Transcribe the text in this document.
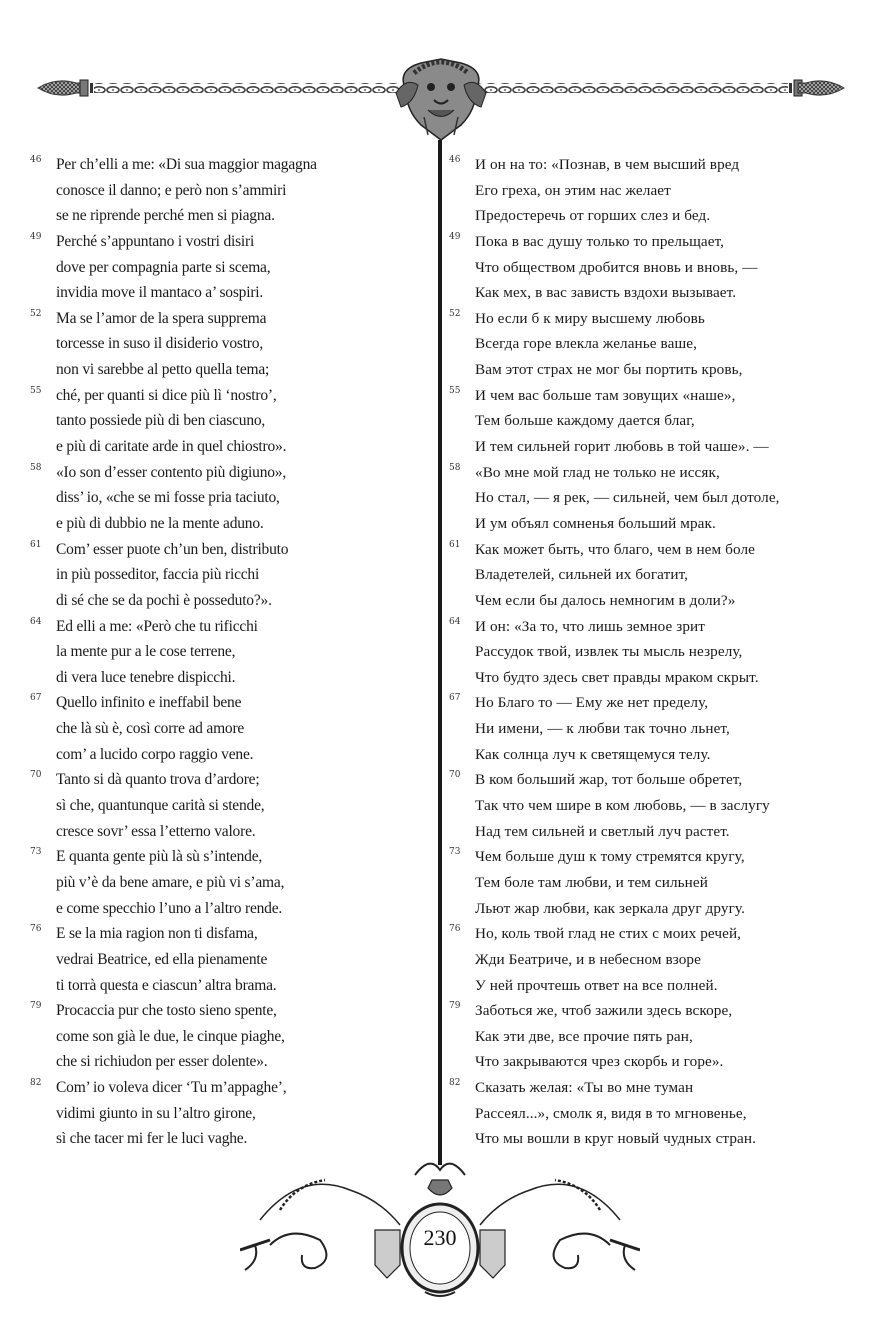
46 Per ch’elli a me: «Di sua maggior magagna
conosce il danno; e però non s’ammiri
se ne riprende perché men si piagna.
49 Perché s’appuntano i vostri disiri
dove per compagnia parte si scema,
invidia move il mantaco a’ sospiri.
52 Ma se l’amor de la spera supprema
torcesse in suso il disiderio vostro,
non vi sarebbe al petto quella tema;
55 ché, per quanti si dice più lì ‘nostro’,
tanto possiede più di ben ciascuno,
e più di caritate arde in quel chiostro».
58 «Io son d’esser contento più digiuno»,
diss’ io, «che se mi fosse pria taciuto,
e più di dubbio ne la mente aduno.
61 Com’ esser puote ch’un ben, distributo
in più posseditor, faccia più ricchi
di sé che se da pochi è posseduto?».
64 Ed elli a me: «Però che tu rificchi
la mente pur a le cose terrene,
di vera luce tenebre dispicchi.
67 Quello infinito e ineffabil bene
che là sù è, così corre ad amore
com’ a lucido corpo raggio vene.
70 Tanto si dà quanto trova d’ardore;
sì che, quantunque carità si stende,
cresce sovr’ essa l’etterno valore.
73 E quanta gente più là sù s’intende,
più v’è da bene amare, e più vi s’ama,
e come specchio l’uno a l’altro rende.
76 E se la mia ragion non ti disfama,
vedrai Beatrice, ed ella pienamente
ti torrà questa e ciascun’ altra brama.
79 Procaccia pur che tosto sieno spente,
come son già le due, le cinque piaghe,
che si richiudon per esser dolente».
82 Com’ io voleva dicer ‘Tu m’appaghe’,
vidimi giunto in su l’altro girone,
sì che tacer mi fer le luci vaghe.
46 И он на то: «Познав, в чем высший вред
Его греха, он этим нас желает
Предостеречь от горших слез и бед.
49 Пока в вас душу только то прельщает,
Что обществом дробится вновь и вновь, —
Как мех, в вас зависть вздохи вызывает.
52 Но если б к миру высшему любовь
Всегда горе влекла желанье ваше,
Вам этот страх не мог бы портить кровь,
55 И чем вас больше там зовущих «наше»,
Тем больше каждому дается благ,
И тем сильней горит любовь в той чаше». —
58 «Во мне мой глад не только не иссяк,
Но стал, — я рек, — сильней, чем был дотоле,
И ум объял сомненья больший мрак.
61 Как может быть, что благо, чем в нем боле
Владетелей, сильней их богатит,
Чем если бы далось немногим в доли?»
64 И он: «За то, что лишь земное зрит
Рассудок твой, извлек ты мысль незрелу,
Что будто здесь свет правды мраком скрыт.
67 Но Благо то — Ему же нет пределу,
Ни имени, — к любви так точно льнет,
Как солнца луч к светящемуся телу.
70 В ком больший жар, тот больше обретет,
Так что чем шире в ком любовь, — в заслугу
Над тем сильней и светлый луч растет.
73 Чем больше душ к тому стремятся кругу,
Тем боле там любви, и тем сильней
Льют жар любви, как зеркала друг другу.
76 Но, коль твой глад не стих с моих речей,
Жди Беатриче, и в небесном взоре
У ней прочтешь ответ на все полней.
79 Заботься же, чтоб зажили здесь вскоре,
Как эти две, все прочие пять ран,
Что закрываются чрез скорбь и горе».
82 Сказать желая: «Ты во мне туман
Рассеял...», смолк я, видя в то мгновенье,
Что мы вошли в круг новый чудных стран.
230
